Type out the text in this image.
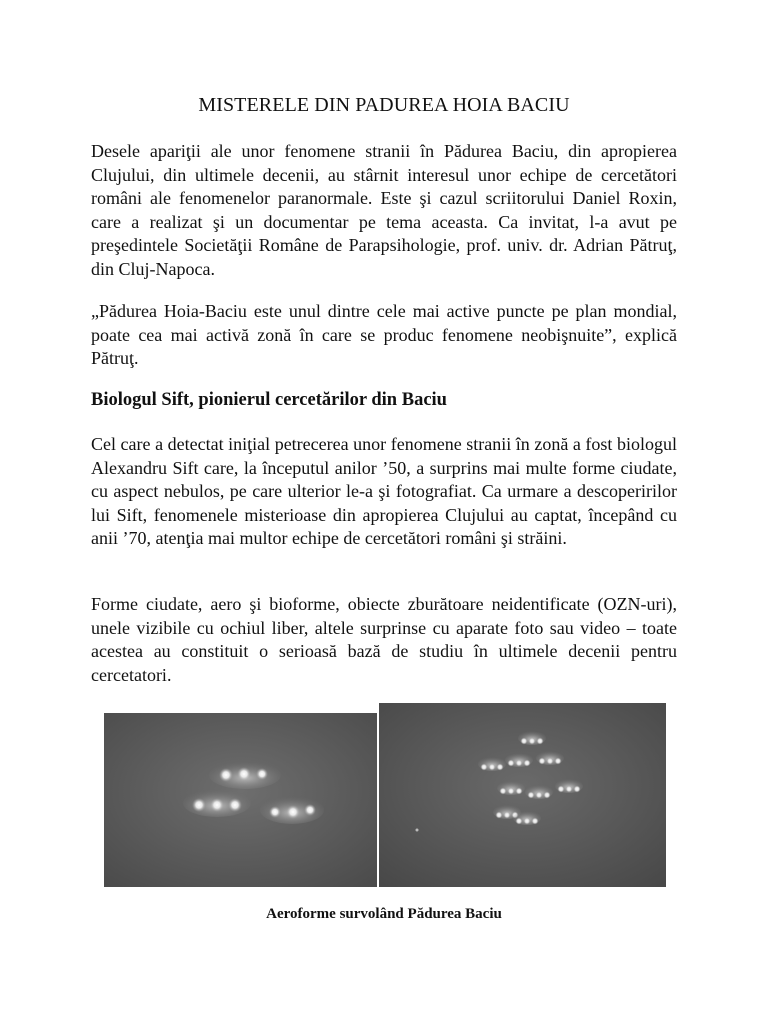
MISTERELE DIN PADUREA HOIA BACIU

Desele apariţii ale unor fenomene stranii în Pădurea Baciu, din apropierea Clujului, din ultimele decenii, au stârnit interesul unor echipe de cercetători români ale fenomenelor paranormale. Este şi cazul scriitorului Daniel Roxin, care a realizat şi un documentar pe tema aceasta. Ca invitat, l-a avut pe preşedintele Societăţii Române de Parapsihologie, prof. univ. dr. Adrian Pătruţ, din Cluj-Napoca.

„Pădurea Hoia-Baciu este unul dintre cele mai active puncte pe plan mondial, poate cea mai activă zonă în care se produc fenomene neobişnuite”, explică Pătruţ.

Biologul Sift, pionierul cercetărilor din Baciu

Cel care a detectat iniţial petrecerea unor fenomene stranii în zonă a fost biologul Alexandru Sift care, la începutul anilor ’50, a surprins mai multe forme ciudate, cu aspect nebulos, pe care ulterior le-a şi fotografiat. Ca urmare a descoperirilor lui Sift, fenomenele misterioase din apropierea Clujului au captat, începând cu anii ’70, atenţia mai multor echipe de cercetători români şi străini.

Forme ciudate, aero şi bioforme, obiecte zburătoare neidentificate (OZN-uri), unele vizibile cu ochiul liber, altele surprinse cu aparate foto sau video – toate acestea au constituit o serioasă bază de studiu în ultimele decenii pentru cercetatori.

Aeroforme survolând Pădurea Baciu
